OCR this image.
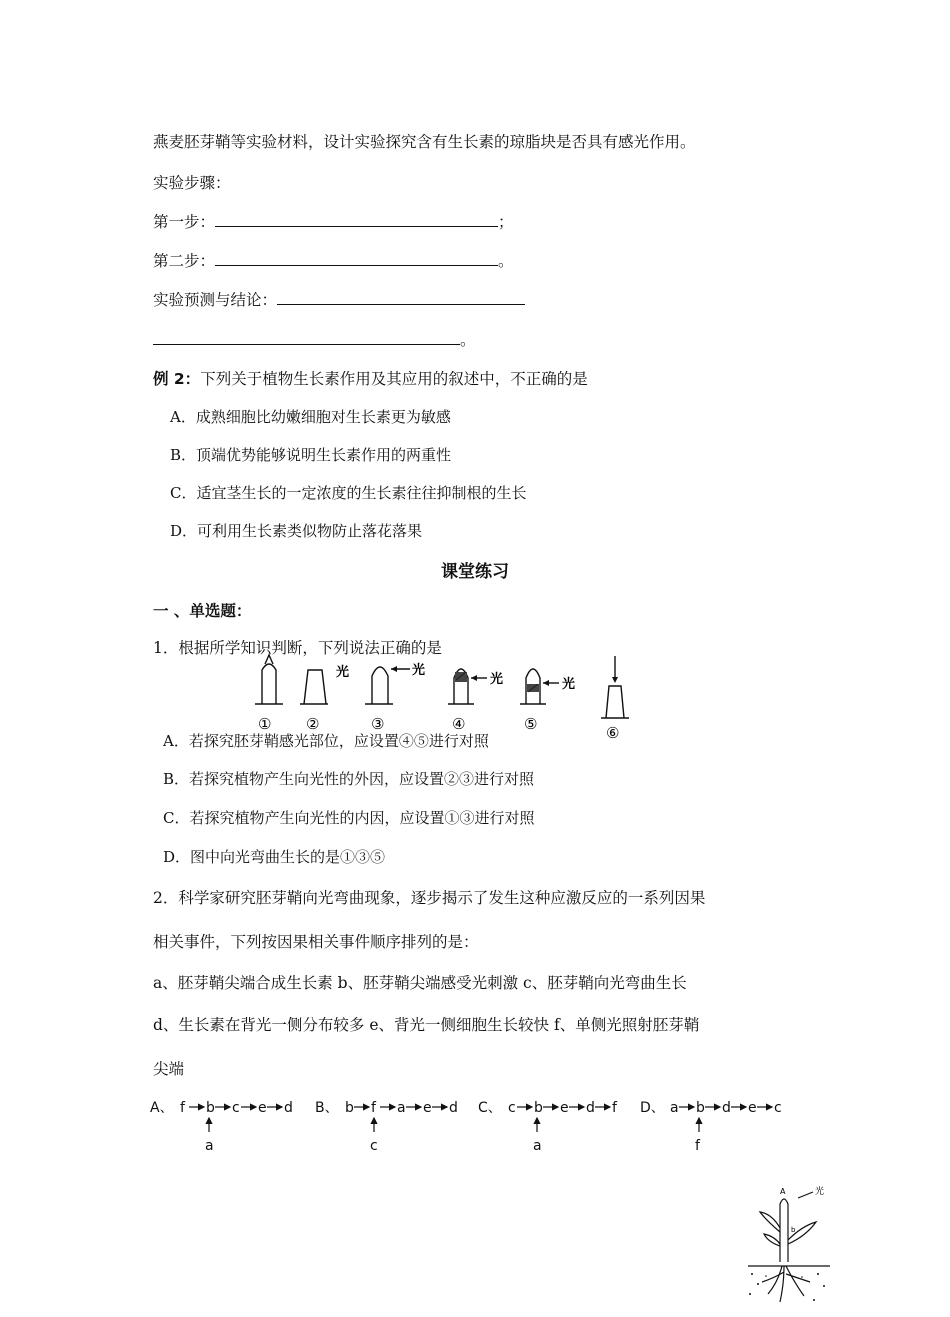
燕麦胚芽鞘等实验材料，设计实验探究含有生长素的琼脂块是否具有感光作用。
实验步骤：
第一步：	；
第二步：	。
实验预测与结论：
。
例 2：下列关于植物生长素作用及其应用的叙述中，不正确的是
A．成熟细胞比幼嫩细胞对生长素更为敏感
B．顶端优势能够说明生长素作用的两重性
C．适宜茎生长的一定浓度的生长素往往抑制根的生长
D．可利用生长素类似物防止落花落果
课堂练习
一 、单选题：
1．根据所学知识判断，下列说法正确的是
光	光
光	光
① ②	③	④	⑤	⑥
A．若探究胚芽鞘感光部位，应设置④⑤进行对照
B．若探究植物产生向光性的外因，应设置②③进行对照
C．若探究植物产生向光性的内因，应设置①③进行对照
D．图中向光弯曲生长的是①③⑤
2．科学家研究胚芽鞘向光弯曲现象，逐步揭示了发生这种应激反应的一系列因果
相关事件，下列按因果相关事件顺序排列的是：
a、胚芽鞘尖端合成生长素 b、胚芽鞘尖端感受光刺激 c、胚芽鞘向光弯曲生长
d、生长素在背光一侧分布较多 e、背光一侧细胞生长较快 f、单侧光照射胚芽鞘
尖端
A、 f b c e d
a
B、 b f a e d
c
C、 c b e d f
a
D、 a b d e c
f
A	光
b
